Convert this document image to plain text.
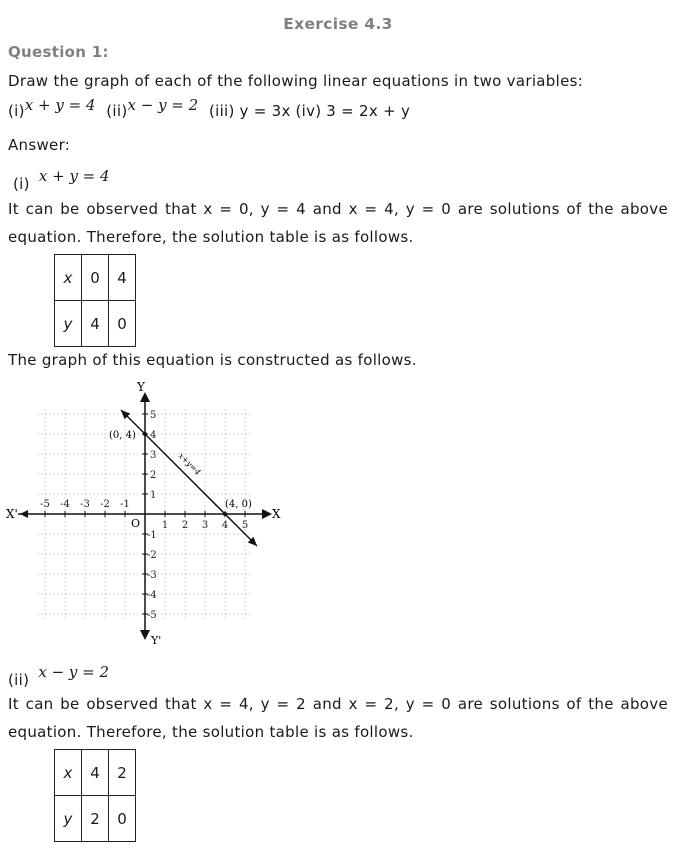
Exercise 4.3
Question 1:
Draw the graph of each of the following linear equations in two variables:
(i)x + y = 4 (ii)x − y = 2 (iii) y = 3x (iv) 3 = 2x + y
Answer:
(i) x + y = 4
It can be observed that x = 0, y = 4 and x = 4, y = 0 are solutions of the above
equation. Therefore, the solution table is as follows.
x	0	4
y	4	0
The graph of this equation is constructed as follows.
1 2 3 4 5
-5 -4 -3 -2 -1
1
2
3
4
5
-1
-2
-3
-4
-5
X
X'
Y
Y'
O
(0, 4)
(4, 0)
x+y=4
(ii) x − y = 2
It can be observed that x = 4, y = 2 and x = 2, y = 0 are solutions of the above
equation. Therefore, the solution table is as follows.
x	4	2
y	2	0
